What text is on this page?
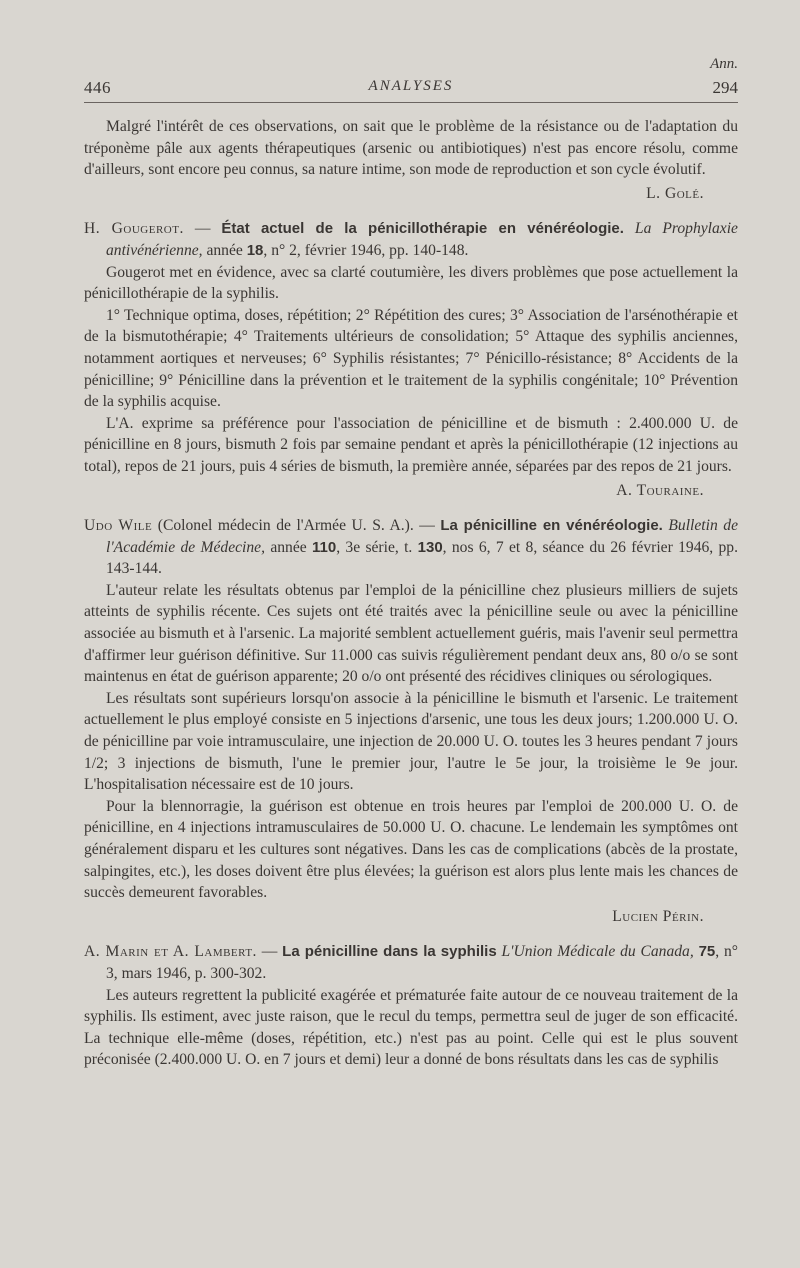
Ann.
446	ANALYSES	294

Malgré l'intérêt de ces observations, on sait que le problème de la résistance ou de l'adaptation du tréponème pâle aux agents thérapeutiques (arsenic ou antibiotiques) n'est pas encore résolu, comme d'ailleurs, sont encore peu connus, sa nature intime, son mode de reproduction et son cycle évolutif.

L. Golé.

H. Gougerot. — État actuel de la pénicillothérapie en vénéréologie. La Prophylaxie antivénérienne, année 18, n° 2, février 1946, pp. 140-148.

Gougerot met en évidence, avec sa clarté coutumière, les divers problèmes que pose actuellement la pénicillothérapie de la syphilis.

1° Technique optima, doses, répétition; 2° Répétition des cures; 3° Association de l'arsénothérapie et de la bismutothérapie; 4° Traitements ultérieurs de consolidation; 5° Attaque des syphilis anciennes, notamment aortiques et nerveuses; 6° Syphilis résistantes; 7° Pénicillo-résistance; 8° Accidents de la pénicilline; 9° Pénicilline dans la prévention et le traitement de la syphilis congénitale; 10° Prévention de la syphilis acquise.

L'A. exprime sa préférence pour l'association de pénicilline et de bismuth : 2.400.000 U. de pénicilline en 8 jours, bismuth 2 fois par semaine pendant et après la pénicillothérapie (12 injections au total), repos de 21 jours, puis 4 séries de bismuth, la première année, séparées par des repos de 21 jours.

A. Touraine.

Udo Wile (Colonel médecin de l'Armée U. S. A.). — La pénicilline en vénéréologie. Bulletin de l'Académie de Médecine, année 110, 3e série, t. 130, nos 6, 7 et 8, séance du 26 février 1946, pp. 143-144.

L'auteur relate les résultats obtenus par l'emploi de la pénicilline chez plusieurs milliers de sujets atteints de syphilis récente. Ces sujets ont été traités avec la pénicilline seule ou avec la pénicilline associée au bismuth et à l'arsenic. La majorité semblent actuellement guéris, mais l'avenir seul permettra d'affirmer leur guérison définitive. Sur 11.000 cas suivis régulièrement pendant deux ans, 80 o/o se sont maintenus en état de guérison apparente; 20 o/o ont présenté des récidives cliniques ou sérologiques.

Les résultats sont supérieurs lorsqu'on associe à la pénicilline le bismuth et l'arsenic. Le traitement actuellement le plus employé consiste en 5 injections d'arsenic, une tous les deux jours; 1.200.000 U. O. de pénicilline par voie intramusculaire, une injection de 20.000 U. O. toutes les 3 heures pendant 7 jours 1/2; 3 injections de bismuth, l'une le premier jour, l'autre le 5e jour, la troisième le 9e jour. L'hospitalisation nécessaire est de 10 jours.

Pour la blennorragie, la guérison est obtenue en trois heures par l'emploi de 200.000 U. O. de pénicilline, en 4 injections intramusculaires de 50.000 U. O. chacune. Le lendemain les symptômes ont généralement disparu et les cultures sont négatives. Dans les cas de complications (abcès de la prostate, salpingites, etc.), les doses doivent être plus élevées; la guérison est alors plus lente mais les chances de succès demeurent favorables.

Lucien Périn.

A. Marin et A. Lambert. — La pénicilline dans la syphilis L'Union Médicale du Canada, 75, n° 3, mars 1946, p. 300-302.

Les auteurs regrettent la publicité exagérée et prématurée faite autour de ce nouveau traitement de la syphilis. Ils estiment, avec juste raison, que le recul du temps, permettra seul de juger de son efficacité. La technique elle-même (doses, répétition, etc.) n'est pas au point. Celle qui est le plus souvent préconisée (2.400.000 U. O. en 7 jours et demi) leur a donné de bons résultats dans les cas de syphilis
